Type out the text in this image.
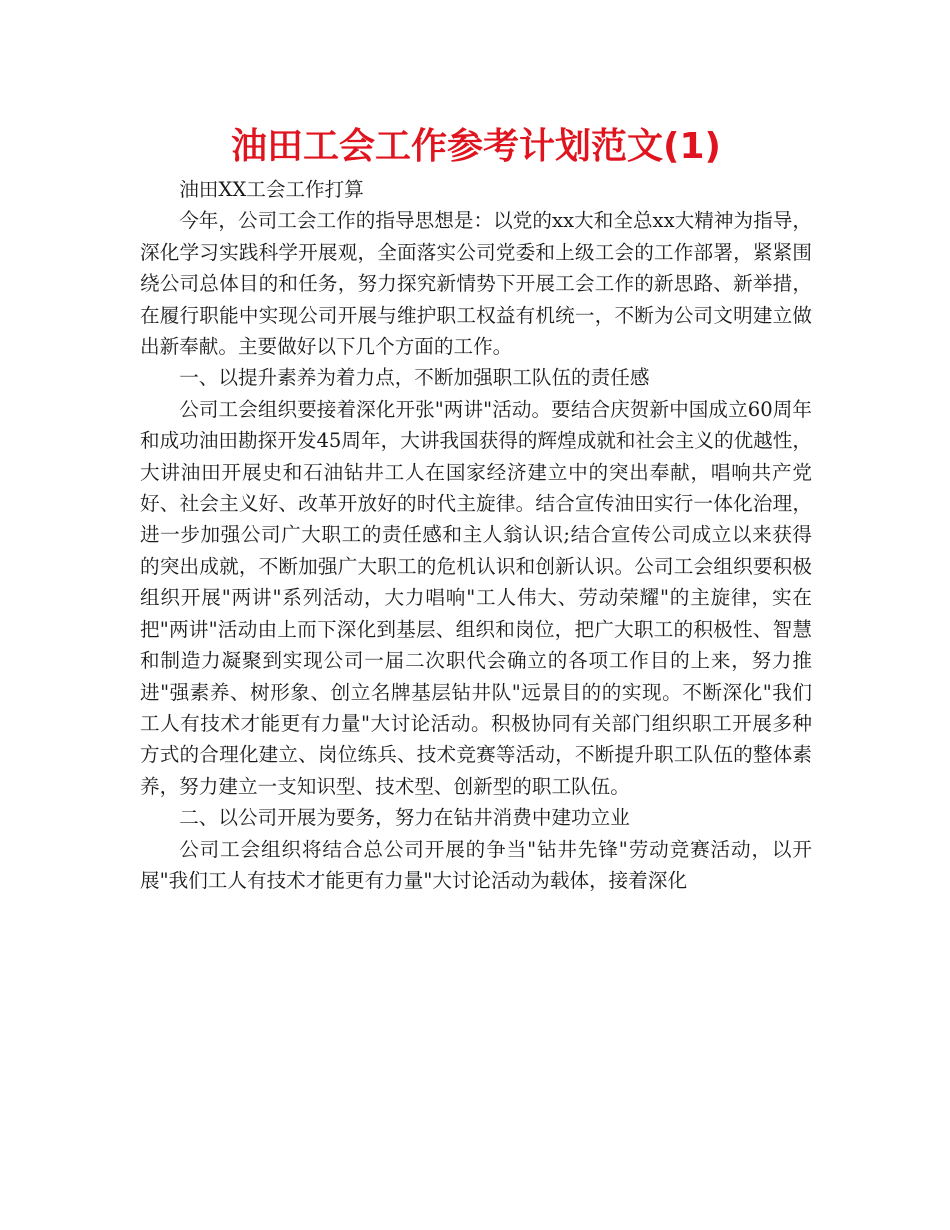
油田工会工作参考计划范文(1)

油田XX工会工作打算

今年，公司工会工作的指导思想是：以党的xx大和全总xx大精神为指导，深化学习实践科学开展观，全面落实公司党委和上级工会的工作部署，紧紧围绕公司总体目的和任务，努力探究新情势下开展工会工作的新思路、新举措，在履行职能中实现公司开展与维护职工权益有机统一，不断为公司文明建立做出新奉献。主要做好以下几个方面的工作。

一、以提升素养为着力点，不断加强职工队伍的责任感

公司工会组织要接着深化开张"两讲"活动。要结合庆贺新中国成立60周年和成功油田勘探开发45周年，大讲我国获得的辉煌成就和社会主义的优越性，大讲油田开展史和石油钻井工人在国家经济建立中的突出奉献，唱响共产党好、社会主义好、改革开放好的时代主旋律。结合宣传油田实行一体化治理，进一步加强公司广大职工的责任感和主人翁认识;结合宣传公司成立以来获得的突出成就，不断加强广大职工的危机认识和创新认识。公司工会组织要积极组织开展"两讲"系列活动，大力唱响"工人伟大、劳动荣耀"的主旋律，实在把"两讲"活动由上而下深化到基层、组织和岗位，把广大职工的积极性、智慧和制造力凝聚到实现公司一届二次职代会确立的各项工作目的上来，努力推进"强素养、树形象、创立名牌基层钻井队"远景目的的实现。不断深化"我们工人有技术才能更有力量"大讨论活动。积极协同有关部门组织职工开展多种方式的合理化建立、岗位练兵、技术竞赛等活动，不断提升职工队伍的整体素养，努力建立一支知识型、技术型、创新型的职工队伍。

二、以公司开展为要务，努力在钻井消费中建功立业

公司工会组织将结合总公司开展的争当"钻井先锋"劳动竞赛活动，以开展"我们工人有技术才能更有力量"大讨论活动为载体，接着深化
